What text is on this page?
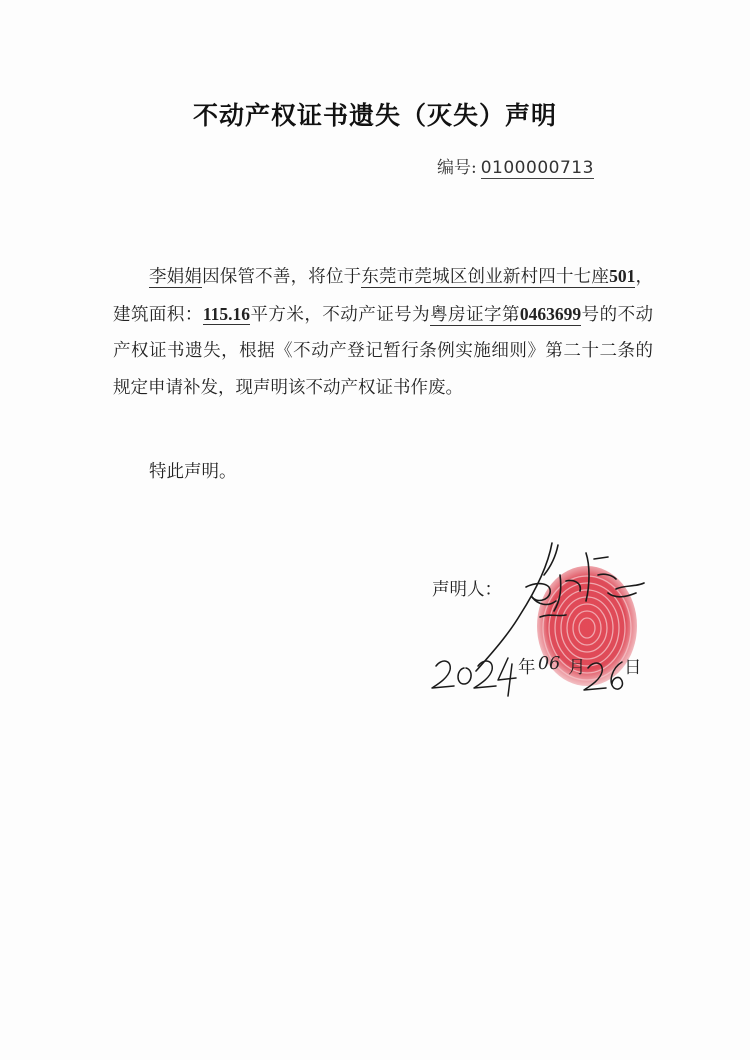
不动产权证书遗失（灭失）声明
编号: 0100000713

李娟娟因保管不善，将位于东莞市莞城区创业新村四十七座501，建筑面积：115.16平方米，不动产证号为粤房证字第0463699号的不动产权证书遗失，根据《不动产登记暂行条例实施细则》第二十二条的规定申请补发，现声明该不动产权证书作废。

特此声明。
声明人：
年 06 月 日
